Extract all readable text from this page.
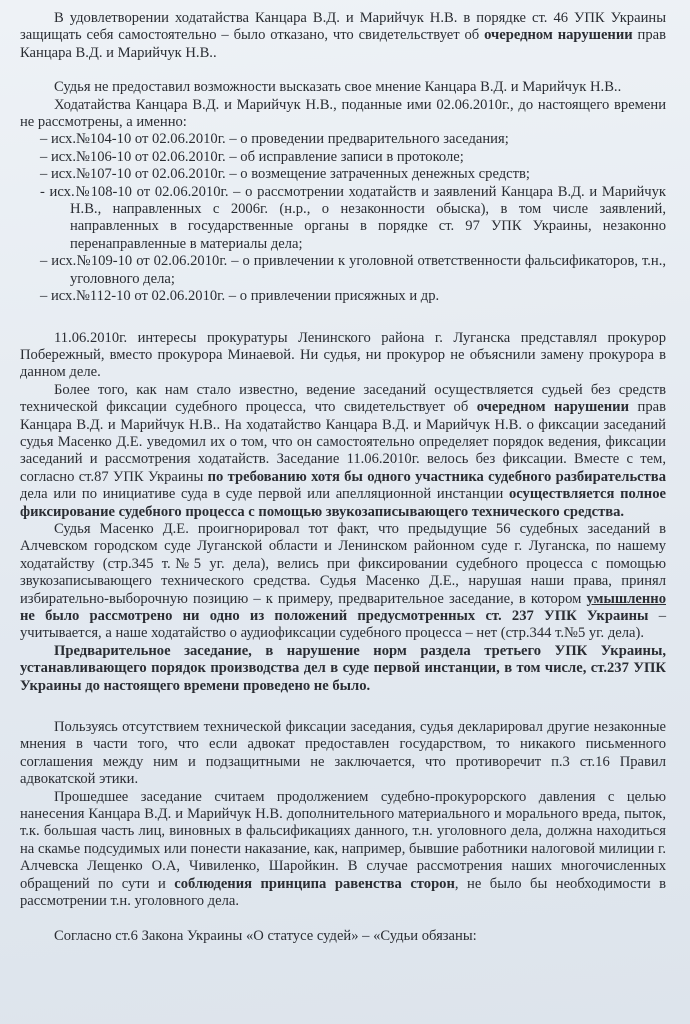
В удовлетворении ходатайства Канцара В.Д. и Марийчук Н.В. в порядке ст. 46 УПК Украины защищать себя самостоятельно – было отказано, что свидетельствует об очередном нарушении прав Канцара В.Д. и Марийчук Н.В..

Судья не предоставил возможности высказать свое мнение Канцара В.Д. и Марийчук Н.В..

Ходатайства Канцара В.Д. и Марийчук Н.В., поданные ими 02.06.2010г., до настоящего времени не рассмотрены, а именно:

– исх.№104-10 от 02.06.2010г. – о проведении предварительного заседания;

– исх.№106-10 от 02.06.2010г. – об исправление записи в протоколе;

– исх.№107-10 от 02.06.2010г. – о возмещение затраченных денежных средств;

- исх.№108-10 от 02.06.2010г. – о рассмотрении ходатайств и заявлений Канцара В.Д. и Марийчук Н.В., направленных с 2006г. (н.р., о незаконности обыска), в том числе заявлений, направленных в государственные органы в порядке ст. 97 УПК Украины, незаконно перенаправленные в материалы дела;

– исх.№109-10 от 02.06.2010г. – о привлечении к уголовной ответственности фальсификаторов, т.н., уголовного дела;

– исх.№112-10 от 02.06.2010г. – о привлечении присяжных и др.

11.06.2010г. интересы прокуратуры Ленинского района г. Луганска представлял прокурор Побережный, вместо прокурора Минаевой. Ни судья, ни прокурор не объяснили замену прокурора в данном деле.

Более того, как нам стало известно, ведение заседаний осуществляется судьей без средств технической фиксации судебного процесса, что свидетельствует об очередном нарушении прав Канцара В.Д. и Марийчук Н.В.. На ходатайство Канцара В.Д. и Марийчук Н.В. о фиксации заседаний судья Масенко Д.Е. уведомил их о том, что он самостоятельно определяет порядок ведения, фиксации заседаний и рассмотрения ходатайств. Заседание 11.06.2010г. велось без фиксации. Вместе с тем, согласно ст.87 УПК Украины по требованию хотя бы одного участника судебного разбирательства дела или по инициативе суда в суде первой или апелляционной инстанции осуществляется полное фиксирование судебного процесса с помощью звукозаписывающего технического средства.

Судья Масенко Д.Е. проигнорировал тот факт, что предыдущие 56 судебных заседаний в Алчевском городском суде Луганской области и Ленинском районном суде г. Луганска, по нашему ходатайству (стр.345 т.№5 уг. дела), велись при фиксировании судебного процесса с помощью звукозаписывающего технического средства. Судья Масенко Д.Е., нарушая наши права, принял избирательно-выборочную позицию – к примеру, предварительное заседание, в котором умышленно не было рассмотрено ни одно из положений предусмотренных ст. 237 УПК Украины – учитывается, а наше ходатайство о аудиофиксации судебного процесса – нет (стр.344 т.№5 уг. дела).

Предварительное заседание, в нарушение норм раздела третьего УПК Украины, устанавливающего порядок производства дел в суде первой инстанции, в том числе, ст.237 УПК Украины до настоящего времени проведено не было.

Пользуясь отсутствием технической фиксации заседания, судья декларировал другие незаконные мнения в части того, что если адвокат предоставлен государством, то никакого письменного соглашения между ним и подзащитными не заключается, что противоречит п.3 ст.16 Правил адвокатской этики.

Прошедшее заседание считаем продолжением судебно-прокурорского давления с целью нанесения Канцара В.Д. и Марийчук Н.В. дополнительного материального и морального вреда, пыток, т.к. большая часть лиц, виновных в фальсификациях данного, т.н. уголовного дела, должна находиться на скамье подсудимых или понести наказание, как, например, бывшие работники налоговой милиции г. Алчевска Лещенко О.А, Чивиленко, Шаройкин. В случае рассмотрения наших многочисленных обращений по сути и соблюдения принципа равенства сторон, не было бы необходимости в рассмотрении т.н. уголовного дела.

Согласно ст.6 Закона Украины «О статусе судей» – «Судьи обязаны:
